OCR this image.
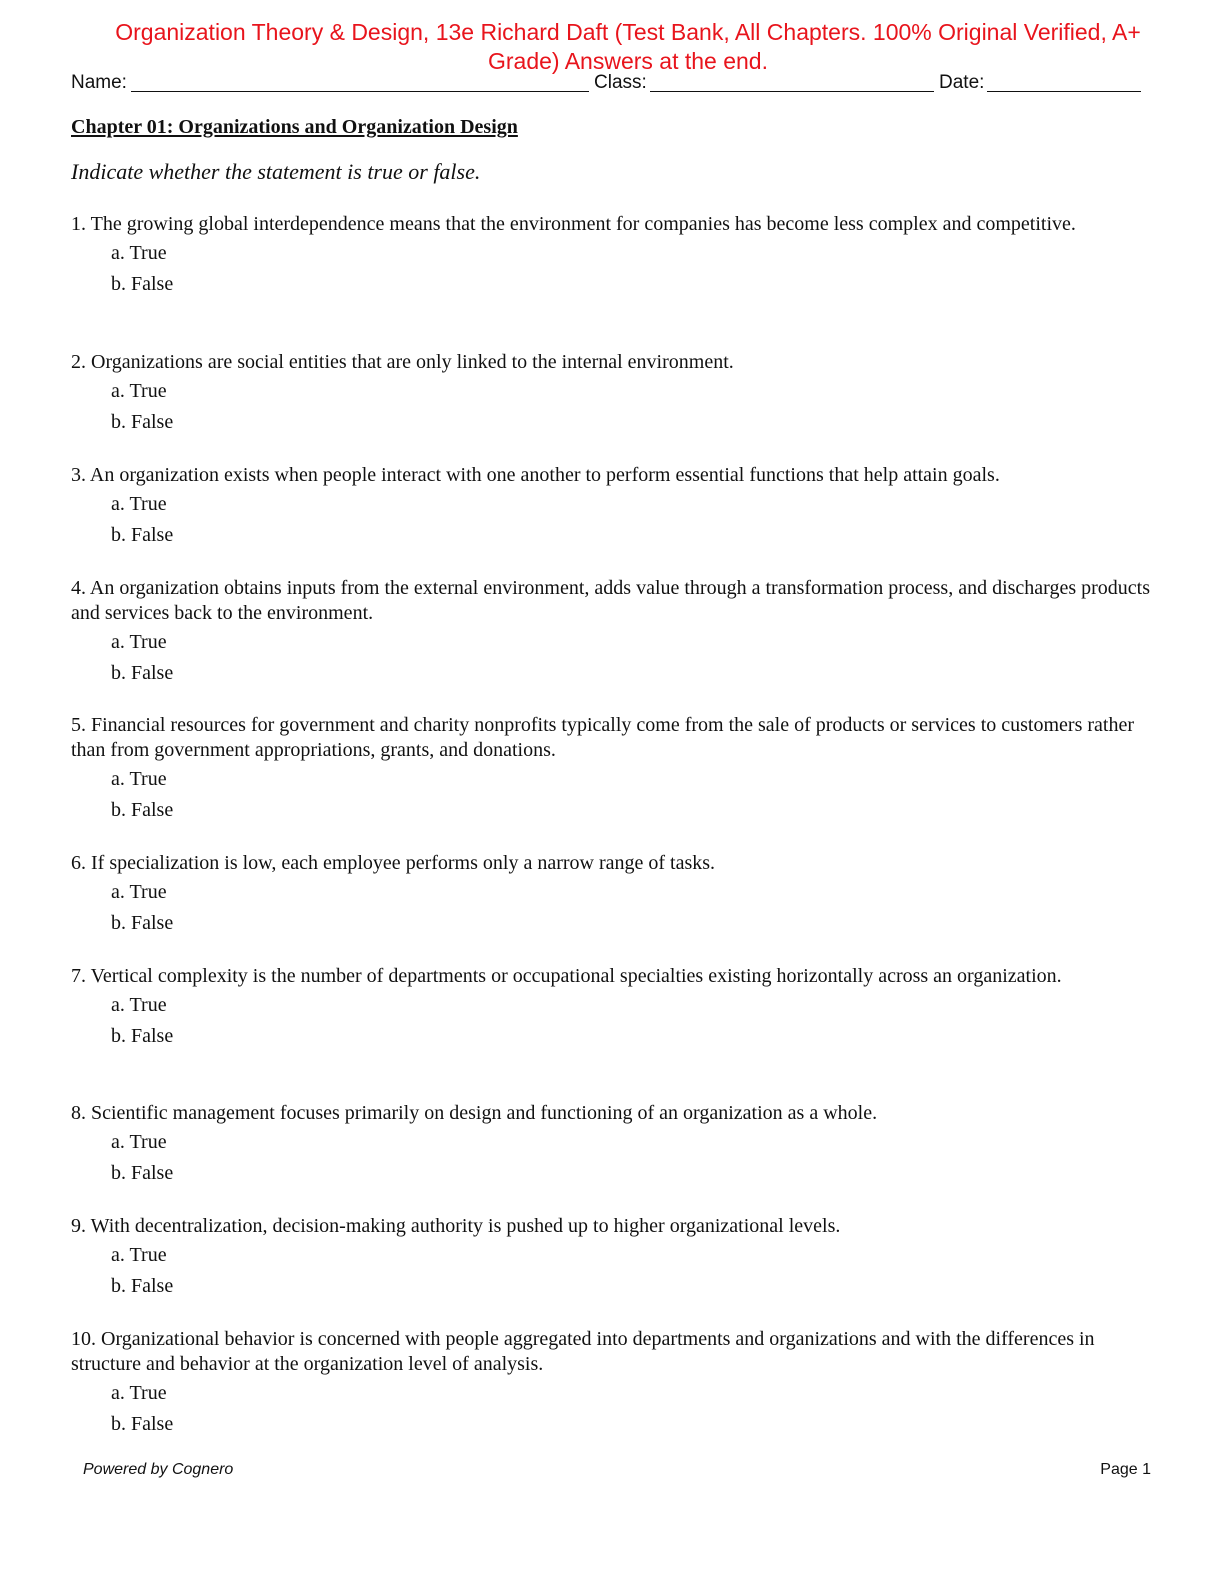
Organization Theory & Design, 13e Richard Daft (Test Bank, All Chapters. 100% Original Verified, A+ Grade) Answers at the end.
Name:	Class:	Date:
Chapter 01: Organizations and Organization Design
Indicate whether the statement is true or false.
1. The growing global interdependence means that the environment for companies has become less complex and competitive.
a. True
b. False
2. Organizations are social entities that are only linked to the internal environment.
a. True
b. False
3. An organization exists when people interact with one another to perform essential functions that help attain goals.
a. True
b. False
4. An organization obtains inputs from the external environment, adds value through a transformation process, and discharges products and services back to the environment.
a. True
b. False
5. Financial resources for government and charity nonprofits typically come from the sale of products or services to customers rather than from government appropriations, grants, and donations.
a. True
b. False
6. If specialization is low, each employee performs only a narrow range of tasks.
a. True
b. False
7. Vertical complexity is the number of departments or occupational specialties existing horizontally across an organization.
a. True
b. False
8. Scientific management focuses primarily on design and functioning of an organization as a whole.
a. True
b. False
9. With decentralization, decision-making authority is pushed up to higher organizational levels.
a. True
b. False
10. Organizational behavior is concerned with people aggregated into departments and organizations and with the differences in structure and behavior at the organization level of analysis.
a. True
b. False
Powered by Cognero	Page 1
